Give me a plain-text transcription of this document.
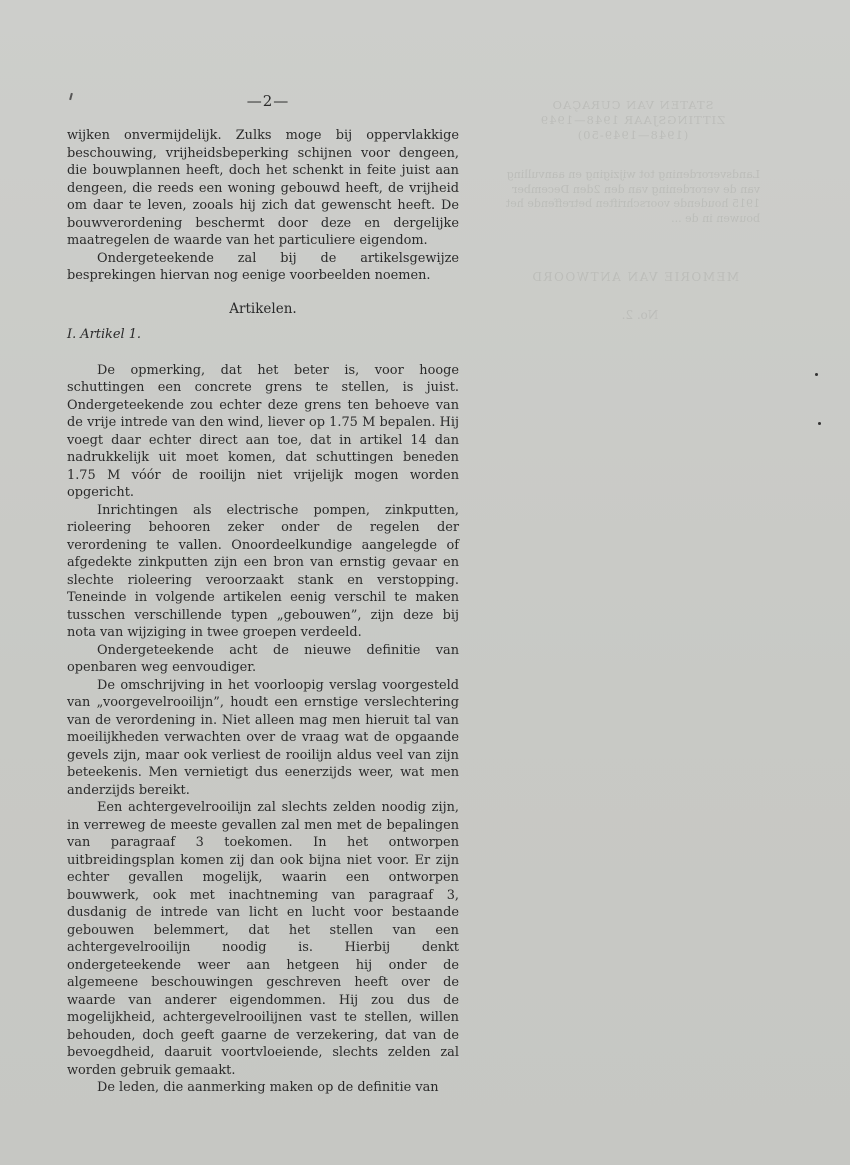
STATEN VAN CURAÇAO
ZITTINGSJAAR 1948—1949
(1948—1949-50)
Landsverordening tot wijziging en aanvulling van de verordening van den 2den December 1915 houdende voorschriften betreffende het bouwen in de ...
MEMORIE VAN ANTWOORD
No. 2.
—2—

wijken onvermijdelijk. Zulks moge bij oppervlakkige beschouwing, vrijheidsbeperking schijnen voor dengeen, die bouwplannen heeft, doch het schenkt in feite juist aan dengeen, die reeds een woning gebouwd heeft, de vrijheid om daar te leven, zooals hij zich dat gewenscht heeft. De bouwverordening beschermt door deze en dergelijke maatregelen de waarde van het particuliere eigendom.

Ondergeteekende zal bij de artikelsgewijze besprekingen hiervan nog eenige voorbeelden noemen.

Artikelen.

I. Artikel 1.

De opmerking, dat het beter is, voor hooge schuttingen een concrete grens te stellen, is juist. Ondergeteekende zou echter deze grens ten behoeve van de vrije intrede van den wind, liever op 1.75 M bepalen. Hij voegt daar echter direct aan toe, dat in artikel 14 dan nadrukkelijk uit moet komen, dat schuttingen beneden 1.75 M vóór de rooilijn niet vrijelijk mogen worden opgericht.

Inrichtingen als electrische pompen, zinkputten, rioleering behooren zeker onder de regelen der verordening te vallen. Onoordeelkundige aangelegde of afgedekte zinkputten zijn een bron van ernstig gevaar en slechte rioleering veroorzaakt stank en verstopping. Teneinde in volgende artikelen eenig verschil te maken tusschen verschillende typen „gebouwen”, zijn deze bij nota van wijziging in twee groepen verdeeld.

Ondergeteekende acht de nieuwe definitie van openbaren weg eenvoudiger.

De omschrijving in het voorloopig verslag voorgesteld van „voorgevelrooilijn”, houdt een ernstige verslechtering van de verordening in. Niet alleen mag men hieruit tal van moeilijkheden verwachten over de vraag wat de opgaande gevels zijn, maar ook verliest de rooilijn aldus veel van zijn beteekenis. Men vernietigt dus eenerzijds weer, wat men anderzijds bereikt.

Een achtergevelrooilijn zal slechts zelden noodig zijn, in verreweg de meeste gevallen zal men met de bepalingen van paragraaf 3 toekomen. In het ontworpen uitbreidingsplan komen zij dan ook bijna niet voor. Er zijn echter gevallen mogelijk, waarin een ontworpen bouwwerk, ook met inachtneming van paragraaf 3, dusdanig de intrede van licht en lucht voor bestaande gebouwen belemmert, dat het stellen van een achtergevelrooilijn noodig is. Hierbij denkt ondergeteekende weer aan hetgeen hij onder de algemeene beschouwingen geschreven heeft over de waarde van anderer eigendommen. Hij zou dus de mogelijkheid, achtergevelrooilijnen vast te stellen, willen behouden, doch geeft gaarne de verzekering, dat van de bevoegdheid, daaruit voortvloeiende, slechts zelden zal worden gebruik gemaakt.

De leden, die aanmerking maken op de definitie van
